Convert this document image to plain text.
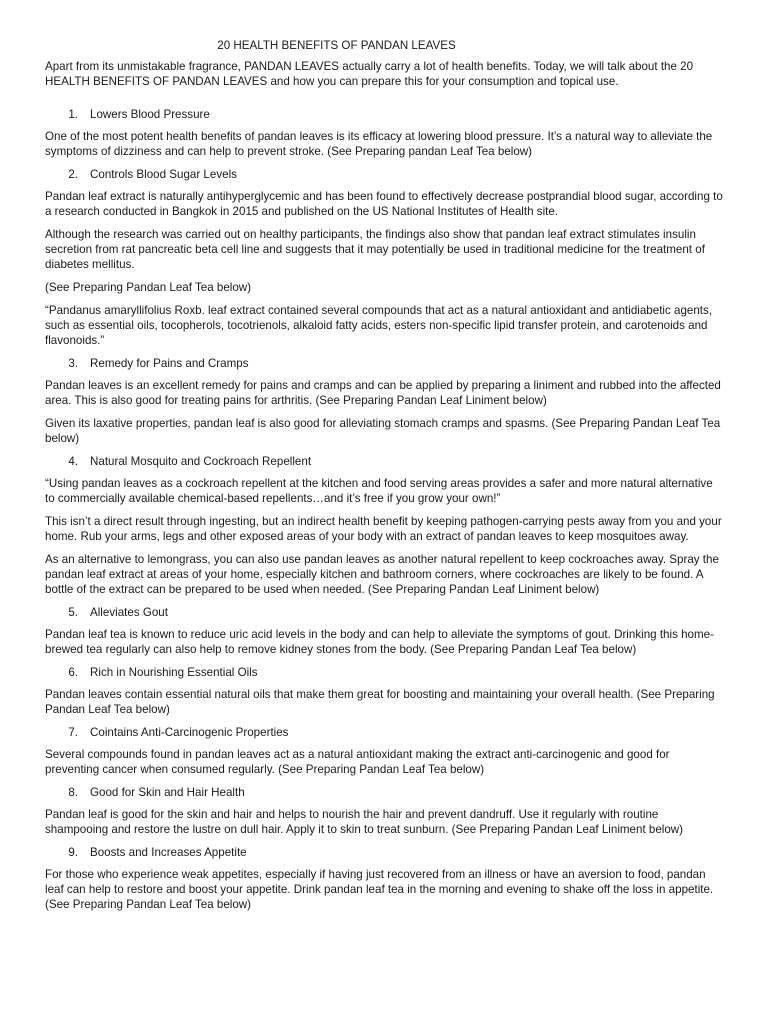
20 HEALTH BENEFITS OF PANDAN LEAVES

Apart from its unmistakable fragrance, PANDAN LEAVES actually carry a lot of health benefits. Today, we will talk about the 20 HEALTH BENEFITS OF PANDAN LEAVES and how you can prepare this for your consumption and topical use.

1.	Lowers Blood Pressure

One of the most potent health benefits of pandan leaves is its efficacy at lowering blood pressure. It’s a natural way to alleviate the symptoms of dizziness and can help to prevent stroke. (See Preparing pandan Leaf Tea below)

2.	Controls Blood Sugar Levels

Pandan leaf extract is naturally antihyperglycemic and has been found to effectively decrease postprandial blood sugar, according to a research conducted in Bangkok in 2015 and published on the US National Institutes of Health site.

Although the research was carried out on healthy participants, the findings also show that pandan leaf extract stimulates insulin secretion from rat pancreatic beta cell line and suggests that it may potentially be used in traditional medicine for the treatment of diabetes mellitus.

(See Preparing Pandan Leaf Tea below)

“Pandanus amaryllifolius Roxb. leaf extract contained several compounds that act as a natural antioxidant and antidiabetic agents, such as essential oils, tocopherols, tocotrienols, alkaloid fatty acids, esters non-specific lipid transfer protein, and carotenoids and flavonoids.”

3.	Remedy for Pains and Cramps

Pandan leaves is an excellent remedy for pains and cramps and can be applied by preparing a liniment and rubbed into the affected area. This is also good for treating pains for arthritis. (See Preparing Pandan Leaf Liniment below)

Given its laxative properties, pandan leaf is also good for alleviating stomach cramps and spasms. (See Preparing Pandan Leaf Tea below)

4.	Natural Mosquito and Cockroach Repellent

“Using pandan leaves as a cockroach repellent at the kitchen and food serving areas provides a safer and more natural alternative to commercially available chemical-based repellents…and it’s free if you grow your own!”

This isn’t a direct result through ingesting, but an indirect health benefit by keeping pathogen-carrying pests away from you and your home. Rub your arms, legs and other exposed areas of your body with an extract of pandan leaves to keep mosquitoes away.

As an alternative to lemongrass, you can also use pandan leaves as another natural repellent to keep cockroaches away. Spray the pandan leaf extract at areas of your home, especially kitchen and bathroom corners, where cockroaches are likely to be found. A bottle of the extract can be prepared to be used when needed. (See Preparing Pandan Leaf Liniment below)

5.	Alleviates Gout

Pandan leaf tea is known to reduce uric acid levels in the body and can help to alleviate the symptoms of gout. Drinking this home-brewed tea regularly can also help to remove kidney stones from the body. (See Preparing Pandan Leaf Tea below)

6.	Rich in Nourishing Essential Oils

Pandan leaves contain essential natural oils that make them great for boosting and maintaining your overall health. (See Preparing Pandan Leaf Tea below)

7.	Cointains Anti-Carcinogenic Properties

Several compounds found in pandan leaves act as a natural antioxidant making the extract anti-carcinogenic and good for preventing cancer when consumed regularly. (See Preparing Pandan Leaf Tea below)

8.	Good for Skin and Hair Health

Pandan leaf is good for the skin and hair and helps to nourish the hair and prevent dandruff. Use it regularly with routine shampooing and restore the lustre on dull hair. Apply it to skin to treat sunburn. (See Preparing Pandan Leaf Liniment below)

9.	Boosts and Increases Appetite

For those who experience weak appetites, especially if having just recovered from an illness or have an aversion to food, pandan leaf can help to restore and boost your appetite. Drink pandan leaf tea in the morning and evening to shake off the loss in appetite. (See Preparing Pandan Leaf Tea below)
